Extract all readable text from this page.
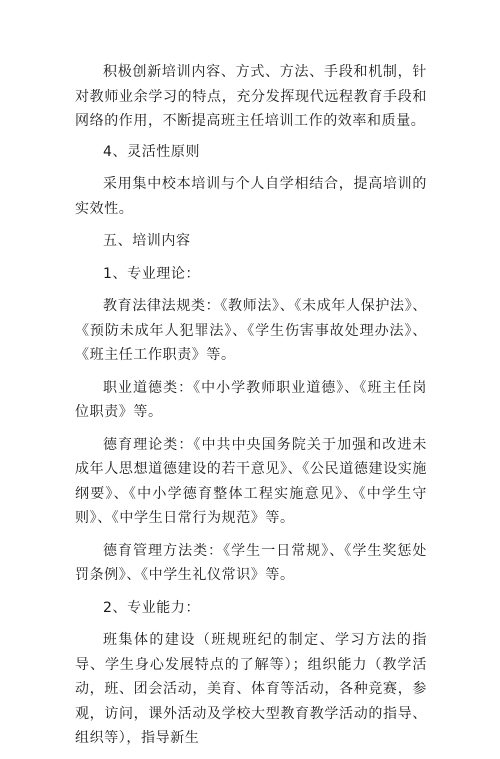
积极创新培训内容、方式、方法、手段和机制，针对教师业余学习的特点，充分发挥现代远程教育手段和网络的作用，不断提高班主任培训工作的效率和质量。

4、灵活性原则

采用集中校本培训与个人自学相结合，提高培训的实效性。

五、培训内容

1、专业理论：

教育法律法规类：《教师法》、《未成年人保护法》、《预防未成年人犯罪法》、《学生伤害事故处理办法》、《班主任工作职责》等。

职业道德类：《中小学教师职业道德》、《班主任岗位职责》等。

德育理论类：《中共中央国务院关于加强和改进未成年人思想道德建设的若干意见》、《公民道德建设实施纲要》、《中小学德育整体工程实施意见》、《中学生守则》、《中学生日常行为规范》等。

德育管理方法类：《学生一日常规》、《学生奖惩处罚条例》、《中学生礼仪常识》等。

2、专业能力：

班集体的建设（班规班纪的制定、学习方法的指导、学生身心发展特点的了解等）；组织能力（教学活动，班、团会活动，美育、体育等活动，各种竞赛，参观，访问，课外活动及学校大型教育教学活动的指导、组织等），指导新生
